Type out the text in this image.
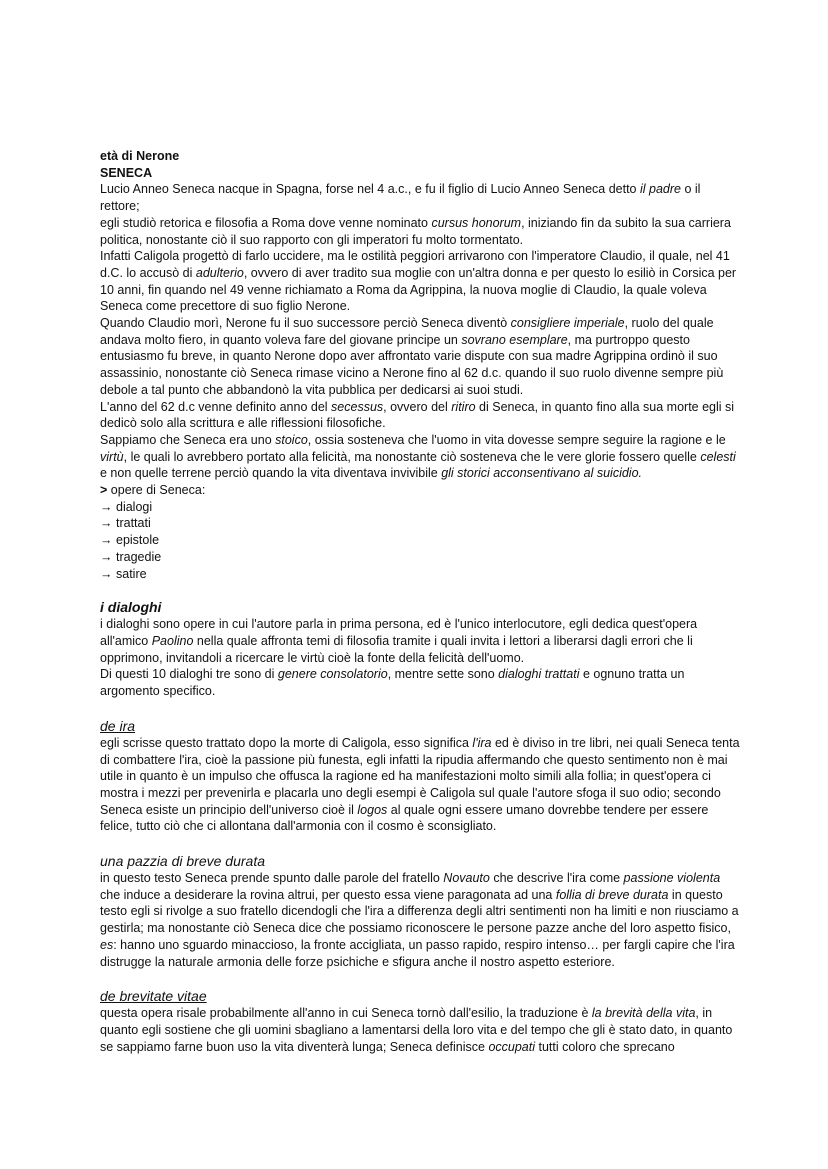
età di Nerone

SENECA

Lucio Anneo Seneca nacque in Spagna, forse nel 4 a.c., e fu il figlio di Lucio Anneo Seneca detto il padre o il rettore;

egli studiò retorica e filosofia a Roma dove venne nominato cursus honorum, iniziando fin da subito la sua carriera politica, nonostante ciò il suo rapporto con gli imperatori fu molto tormentato.

Infatti Caligola progettò di farlo uccidere, ma le ostilità peggiori arrivarono con l'imperatore Claudio, il quale, nel 41 d.C. lo accusò di adulterio, ovvero di aver tradito sua moglie con un'altra donna e per questo lo esiliò in Corsica per 10 anni, fin quando nel 49 venne richiamato a Roma da Agrippina, la nuova moglie di Claudio, la quale voleva Seneca come precettore di suo figlio Nerone.

Quando Claudio morì, Nerone fu il suo successore perciò Seneca diventò consigliere imperiale, ruolo del quale andava molto fiero, in quanto voleva fare del giovane principe un sovrano esemplare, ma purtroppo questo entusiasmo fu breve, in quanto Nerone dopo aver affrontato varie dispute con sua madre Agrippina ordinò il suo assassinio, nonostante ciò Seneca rimase vicino a Nerone fino al 62 d.c. quando il suo ruolo divenne sempre più debole a tal punto che abbandonò la vita pubblica per dedicarsi ai suoi studi.

L'anno del 62 d.c venne definito anno del secessus, ovvero del ritiro di Seneca, in quanto fino alla sua morte egli si dedicò solo alla scrittura e alle riflessioni filosofiche.

Sappiamo che Seneca era uno stoico, ossia sosteneva che l'uomo in vita dovesse sempre seguire la ragione e le virtù, le quali lo avrebbero portato alla felicità, ma nonostante ciò sosteneva che le vere glorie fossero quelle celesti e non quelle terrene perciò quando la vita diventava invivibile gli storici acconsentivano al suicidio.

> opere di Seneca:

→ dialogi

→ trattati

→ epistole

→ tragedie

→ satire

i dialoghi

i dialoghi sono opere in cui l'autore parla in prima persona, ed è l'unico interlocutore, egli dedica quest'opera all'amico Paolino nella quale affronta temi di filosofia tramite i quali invita i lettori a liberarsi dagli errori che li opprimono, invitandoli a ricercare le virtù cioè la fonte della felicità dell'uomo.

Di questi 10 dialoghi tre sono di genere consolatorio, mentre sette sono dialoghi trattati e ognuno tratta un argomento specifico.

de ira

egli scrisse questo trattato dopo la morte di Caligola, esso significa l'ira ed è diviso in tre libri, nei quali Seneca tenta di combattere l'ira, cioè la passione più funesta, egli infatti la ripudia affermando che questo sentimento non è mai utile in quanto è un impulso che offusca la ragione ed ha manifestazioni molto simili alla follia; in quest'opera ci mostra i mezzi per prevenirla e placarla uno degli esempi è Caligola sul quale l'autore sfoga il suo odio; secondo Seneca esiste un principio dell'universo cioè il logos al quale ogni essere umano dovrebbe tendere per essere felice, tutto ciò che ci allontana dall'armonia con il cosmo è sconsigliato.

una pazzia di breve durata

in questo testo Seneca prende spunto dalle parole del fratello Novauto che descrive l'ira come passione violenta che induce a desiderare la rovina altrui, per questo essa viene paragonata ad una follia di breve durata in questo testo egli si rivolge a suo fratello dicendogli che l'ira a differenza degli altri sentimenti non ha limiti e non riusciamo a gestirla; ma nonostante ciò Seneca dice che possiamo riconoscere le persone pazze anche del loro aspetto fisico, es: hanno uno sguardo minaccioso, la fronte accigliata, un passo rapido, respiro intenso… per fargli capire che l'ira distrugge la naturale armonia delle forze psichiche e sfigura anche il nostro aspetto esteriore.

de brevitate vitae

questa opera risale probabilmente all'anno in cui Seneca tornò dall'esilio, la traduzione è la brevità della vita, in quanto egli sostiene che gli uomini sbagliano a lamentarsi della loro vita e del tempo che gli è stato dato, in quanto se sappiamo farne buon uso la vita diventerà lunga; Seneca definisce occupati tutti coloro che sprecano
